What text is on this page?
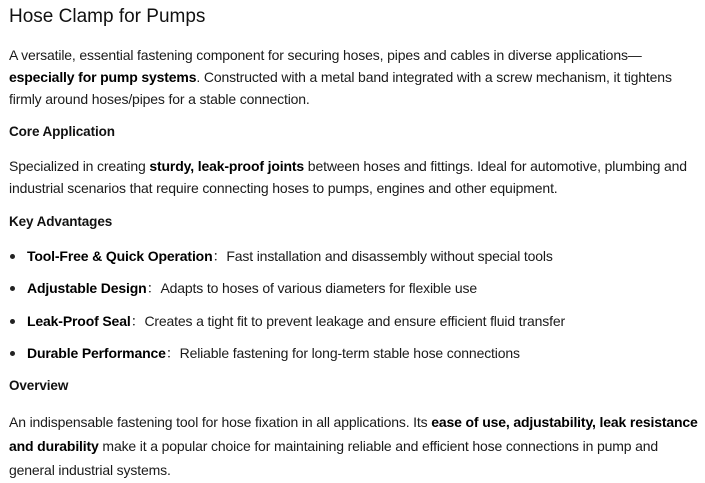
Hose Clamp for Pumps

A versatile, essential fastening component for securing hoses, pipes and cables in diverse applications—
especially for pump systems. Constructed with a metal band integrated with a screw mechanism, it tightens firmly around hoses/pipes for a stable connection.

Core Application

Specialized in creating sturdy, leak-proof joints between hoses and fittings. Ideal for automotive, plumbing and industrial scenarios that require connecting hoses to pumps, engines and other equipment.

Key Advantages
Tool-Free & Quick Operation：Fast installation and disassembly without special tools
Adjustable Design：Adapts to hoses of various diameters for flexible use
Leak-Proof Seal：Creates a tight fit to prevent leakage and ensure efficient fluid transfer
Durable Performance：Reliable fastening for long-term stable hose connections
Overview

An indispensable fastening tool for hose fixation in all applications. Its ease of use, adjustability, leak resistance and durability make it a popular choice for maintaining reliable and efficient hose connections in pump and general industrial systems.
